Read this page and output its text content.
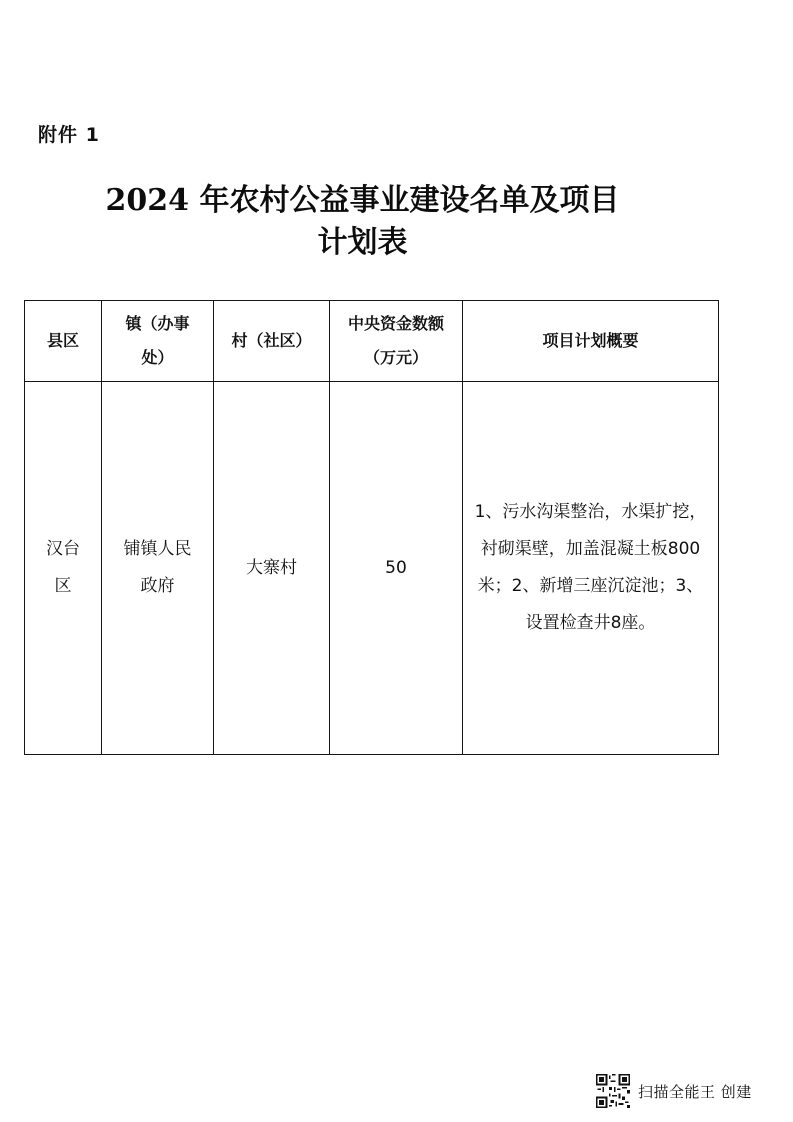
附件 1
2024 年农村公益事业建设名单及项目
计划表
县区	镇（办事处）	村（社区）	中央资金数额（万元）	项目计划概要
汉台区	铺镇人民政府	大寨村	50	1、污水沟渠整治，水渠扩挖，衬砌渠壁，加盖混凝土板800米；2、新增三座沉淀池；3、设置检查井8座。
扫描全能王 创建
